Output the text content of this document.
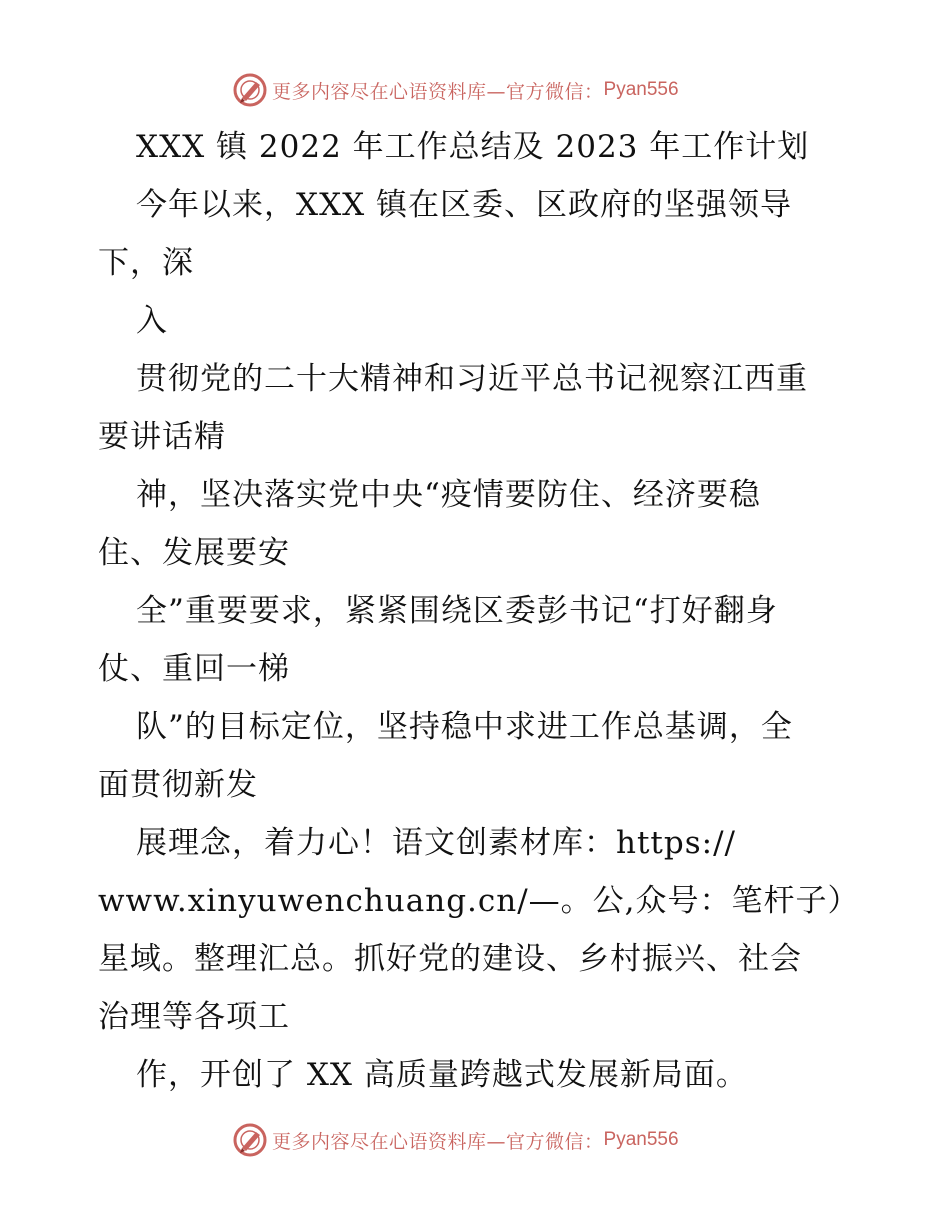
更多内容尽在心语资料库—官方微信： Pyan556
XXX 镇 2022 年工作总结及 2023 年工作计划
今年以来，XXX 镇在区委、区政府的坚强领导
下，深
入
贯彻党的二十大精神和习近平总书记视察江西重
要讲话精
神，坚决落实党中央“疫情要防住、经济要稳
住、发展要安
全”重要要求，紧紧围绕区委彭书记“打好翻身
仗、重回一梯
队”的目标定位，坚持稳中求进工作总基调，全
面贯彻新发
展理念，着力心！语文创素材库：https://
www.xinyuwenchuang.cn/—。公,众号：笔杆子）
星域。整理汇总。抓好党的建设、乡村振兴、社会
治理等各项工
作，开创了 XX 高质量跨越式发展新局面。
更多内容尽在心语资料库—官方微信： Pyan556
